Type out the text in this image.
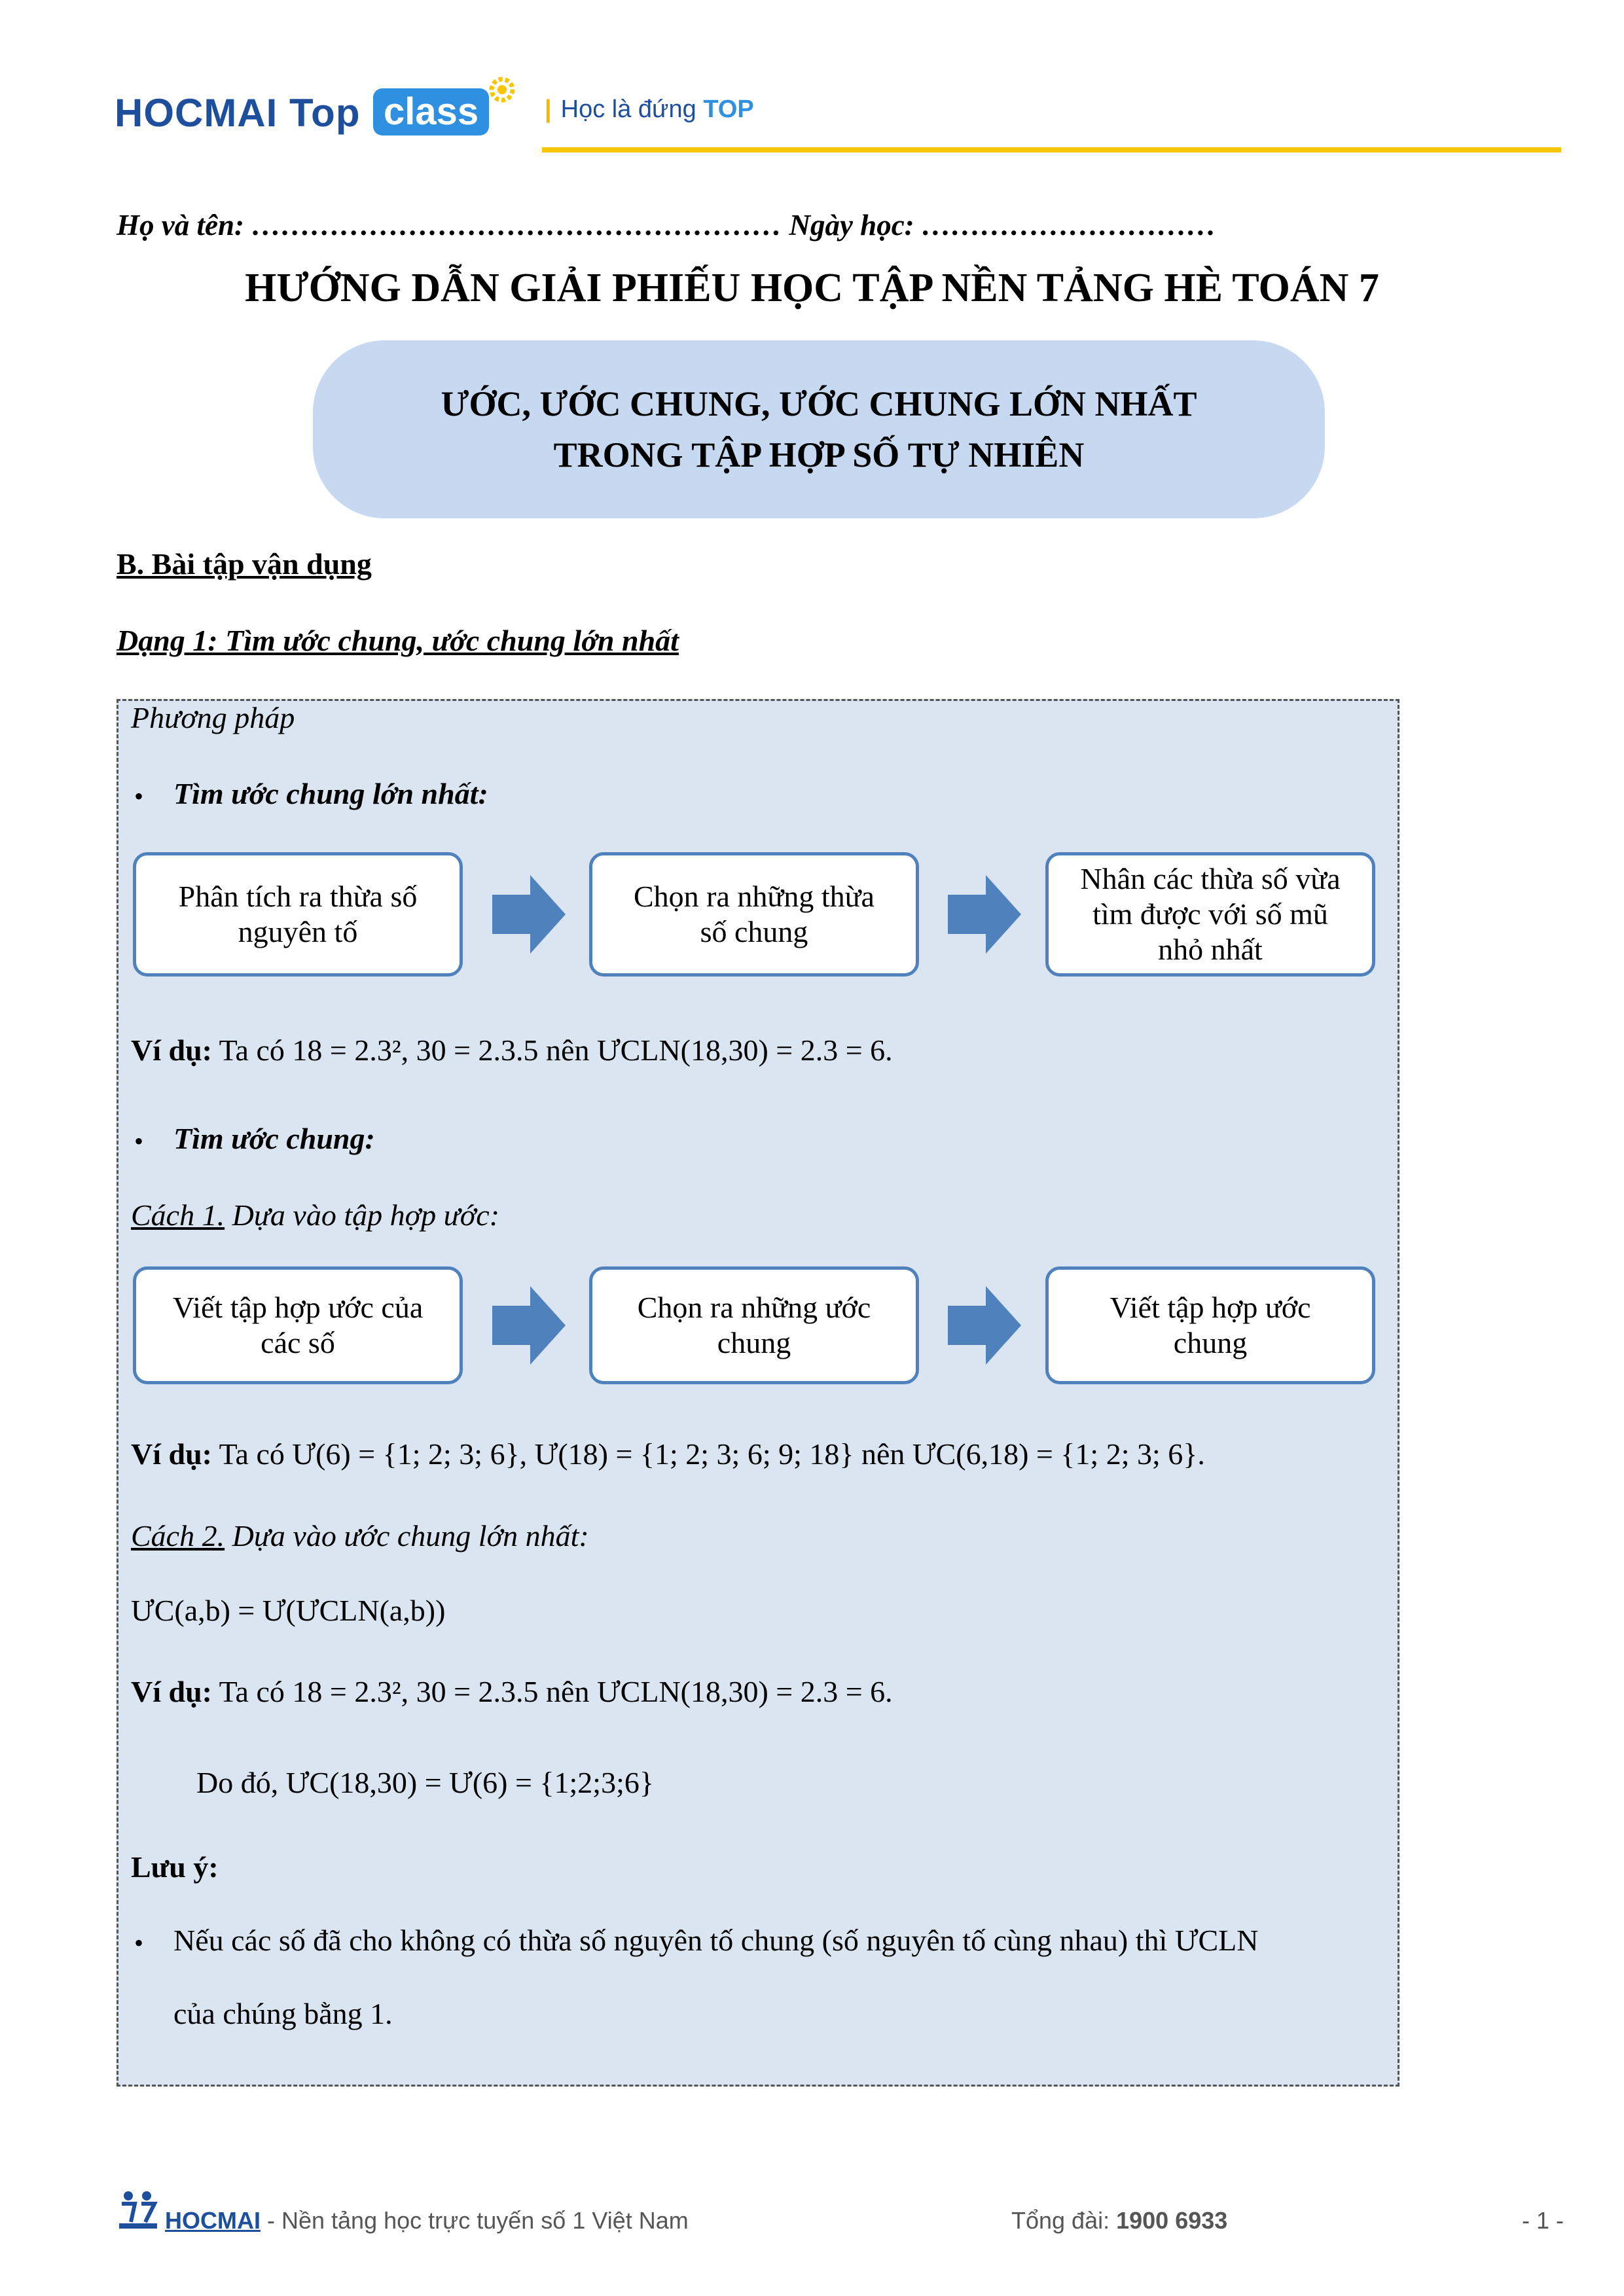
HOCMAI Top class	| Học là đứng TOP
Họ và tên: ……………………………………………… Ngày học: …………………………
HƯỚNG DẪN GIẢI PHIẾU HỌC TẬP NỀN TẢNG HÈ TOÁN 7
ƯỚC, ƯỚC CHUNG, ƯỚC CHUNG LỚN NHẤT
TRONG TẬP HỢP SỐ TỰ NHIÊN
B. Bài tập vận dụng
Dạng 1: Tìm ước chung, ước chung lớn nhất
Phương pháp
• Tìm ước chung lớn nhất:
Phân tích ra thừa số
nguyên tố
Chọn ra những thừa
số chung
Nhân các thừa số vừa
tìm được với số mũ
nhỏ nhất
Ví dụ: Ta có 18 = 2.3², 30 = 2.3.5 nên ƯCLN(18,30) = 2.3 = 6.
• Tìm ước chung:
Cách 1. Dựa vào tập hợp ước:
Viết tập hợp ước của
các số
Chọn ra những ước
chung
Viết tập hợp ước
chung
Ví dụ: Ta có Ư(6) = {1; 2; 3; 6}, Ư(18) = {1; 2; 3; 6; 9; 18} nên ƯC(6,18) = {1; 2; 3; 6}.
Cách 2. Dựa vào ước chung lớn nhất:
ƯC(a,b) = Ư(ƯCLN(a,b))
Ví dụ: Ta có 18 = 2.3², 30 = 2.3.5 nên ƯCLN(18,30) = 2.3 = 6.
Do đó, ƯC(18,30) = Ư(6) = {1;2;3;6}
Lưu ý:
• Nếu các số đã cho không có thừa số nguyên tố chung (số nguyên tố cùng nhau) thì ƯCLN
của chúng bằng 1.
HOCMAI - Nền tảng học trực tuyến số 1 Việt Nam	Tổng đài: 1900 6933	- 1 -
